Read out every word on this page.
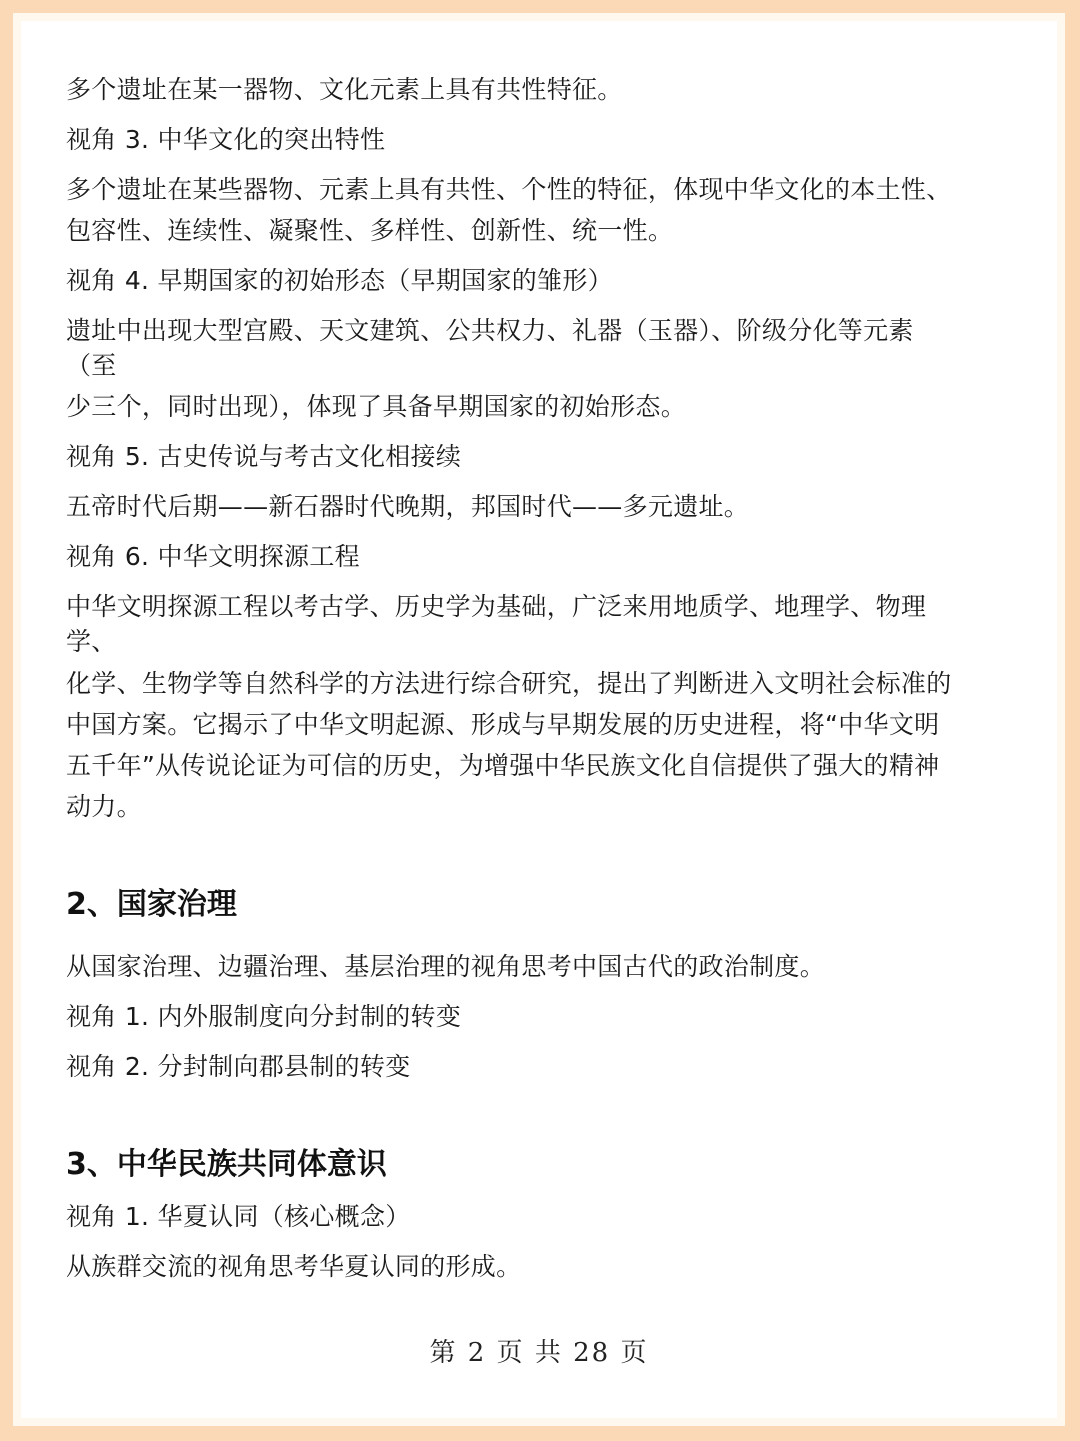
多个遗址在某一器物、文化元素上具有共性特征。
视角 3. 中华文化的突出特性
多个遗址在某些器物、元素上具有共性、个性的特征，体现中华文化的本土性、
包容性、连续性、凝聚性、多样性、创新性、统一性。
视角 4. 早期国家的初始形态（早期国家的雏形）
遗址中出现大型宫殿、天文建筑、公共权力、礼器（玉器）、阶级分化等元素
（至
少三个，同时出现），体现了具备早期国家的初始形态。
视角 5. 古史传说与考古文化相接续
五帝时代后期——新石器时代晚期，邦国时代——多元遗址。
视角 6. 中华文明探源工程
中华文明探源工程以考古学、历史学为基础，广泛来用地质学、地理学、物理
学、
化学、生物学等自然科学的方法进行综合研究，提出了判断进入文明社会标准的
中国方案。它揭示了中华文明起源、形成与早期发展的历史进程，将“中华文明
五千年”从传说论证为可信的历史，为增强中华民族文化自信提供了强大的精神
动力。
2、国家治理
从国家治理、边疆治理、基层治理的视角思考中国古代的政治制度。
视角 1. 内外服制度向分封制的转变
视角 2. 分封制向郡县制的转变
3、中华民族共同体意识
视角 1. 华夏认同（核心概念）
从族群交流的视角思考华夏认同的形成。
第 2 页 共 28 页
